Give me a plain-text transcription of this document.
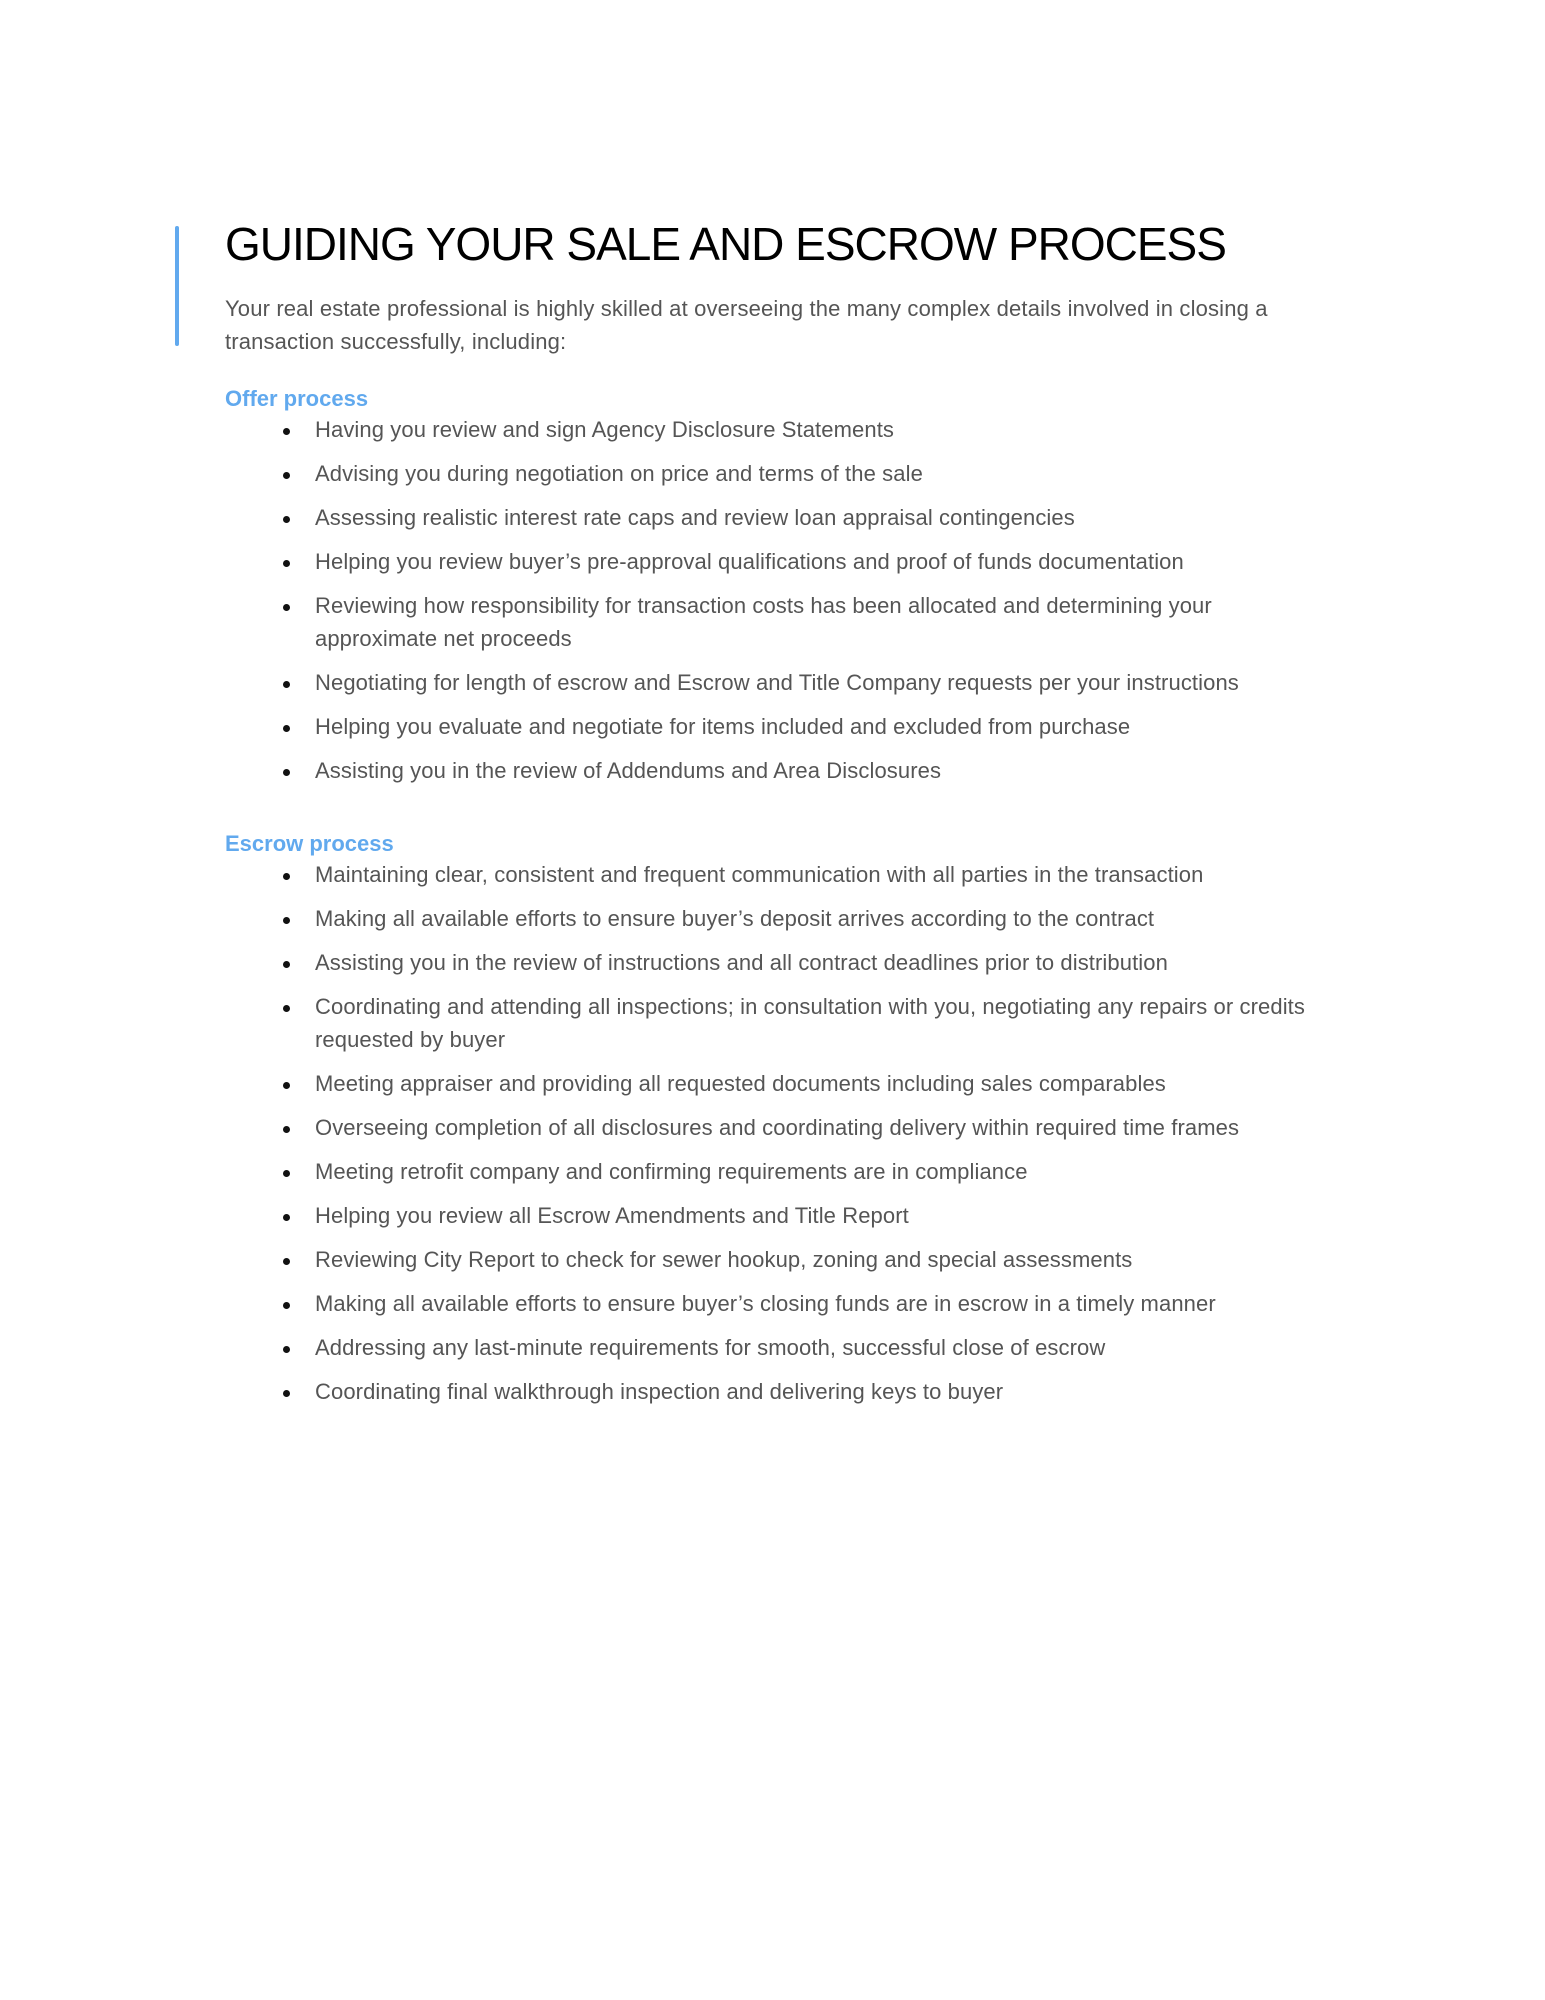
GUIDING YOUR SALE AND ESCROW PROCESS

Your real estate professional is highly skilled at overseeing the many complex details involved in closing a transaction successfully, including:

Offer process
Having you review and sign Agency Disclosure Statements
Advising you during negotiation on price and terms of the sale
Assessing realistic interest rate caps and review loan appraisal contingencies
Helping you review buyer’s pre-approval qualifications and proof of funds documentation
Reviewing how responsibility for transaction costs has been allocated and determining your approximate net proceeds
Negotiating for length of escrow and Escrow and Title Company requests per your instructions
Helping you evaluate and negotiate for items included and excluded from purchase
Assisting you in the review of Addendums and Area Disclosures
Escrow process
Maintaining clear, consistent and frequent communication with all parties in the transaction
Making all available efforts to ensure buyer’s deposit arrives according to the contract
Assisting you in the review of instructions and all contract deadlines prior to distribution
Coordinating and attending all inspections; in consultation with you, negotiating any repairs or credits requested by buyer
Meeting appraiser and providing all requested documents including sales comparables
Overseeing completion of all disclosures and coordinating delivery within required time frames
Meeting retrofit company and confirming requirements are in compliance
Helping you review all Escrow Amendments and Title Report
Reviewing City Report to check for sewer hookup, zoning and special assessments
Making all available efforts to ensure buyer’s closing funds are in escrow in a timely manner
Addressing any last-minute requirements for smooth, successful close of escrow
Coordinating final walkthrough inspection and delivering keys to buyer
